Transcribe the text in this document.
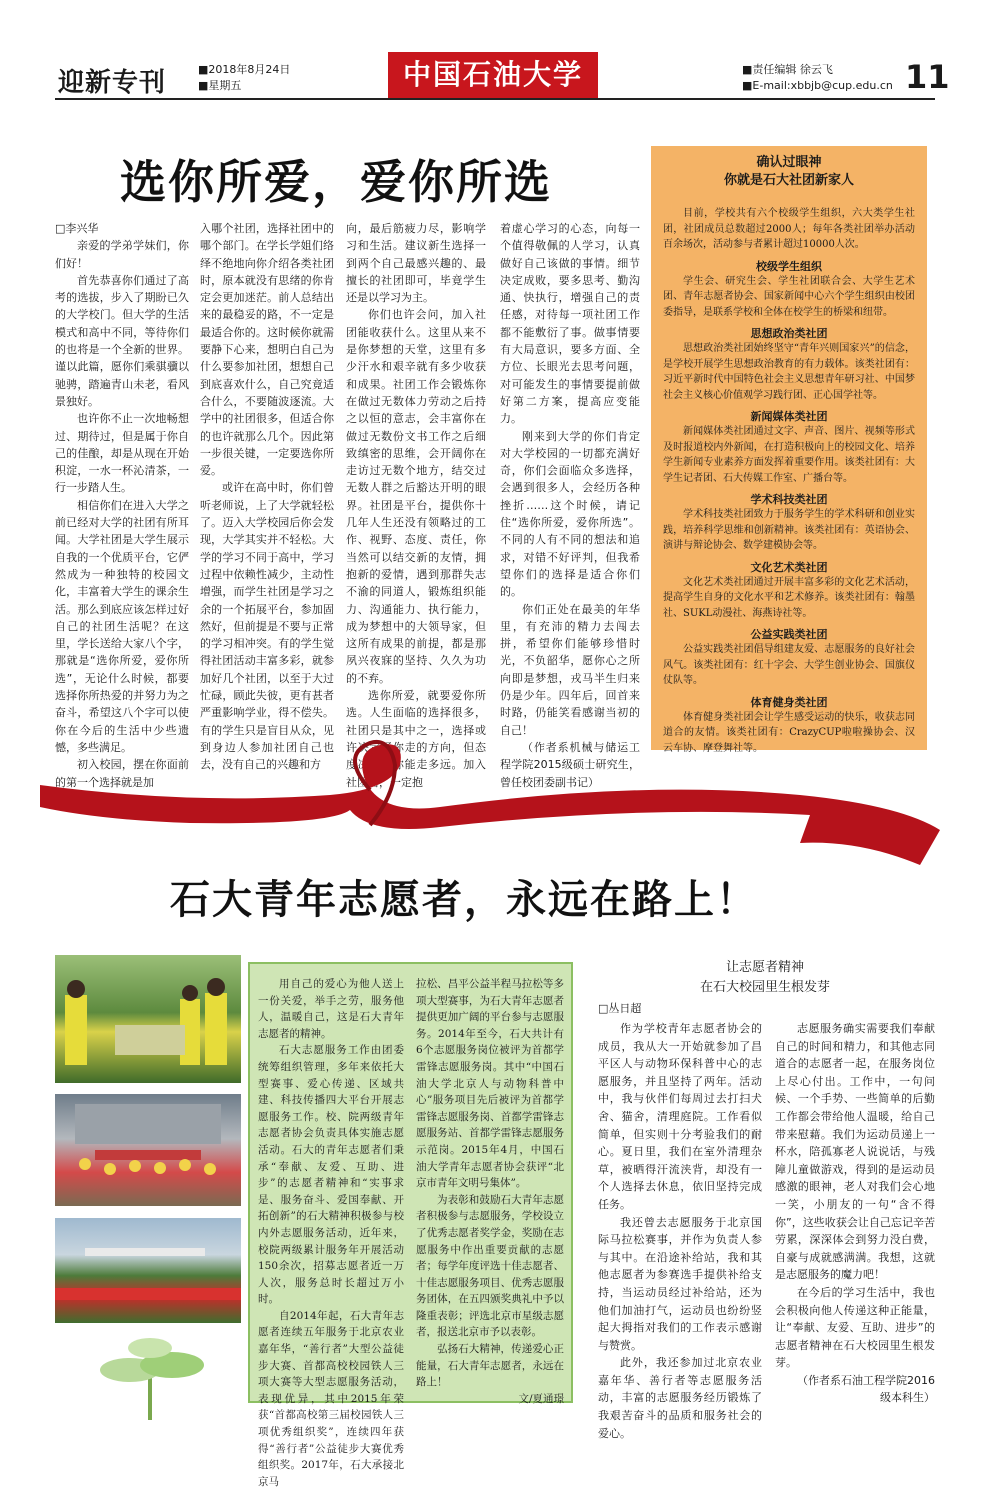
迎新专刊	■2018年8月24日
■星期五	中国石油大学	■责任编辑 徐云飞
■E-mail:xbbjb@cup.edu.cn 11
选你所爱，爱你所选
□李兴华

亲爱的学弟学妹们，你们好！

首先恭喜你们通过了高考的选拔，步入了期盼已久的大学校门。但大学的生活模式和高中不同，等待你们的也将是一个全新的世界。谨以此篇，愿你们乘骐骥以驰骋，踏遍青山未老，看风景独好。

也许你不止一次地畅想过、期待过，但是属于你自己的佳酿，却是从现在开始积淀，一水一杯沁清茶，一行一步踏人生。

相信你们在进入大学之前已经对大学的社团有所耳闻。大学社团是大学生展示自我的一个优质平台，它俨然成为一种独特的校园文化，丰富着大学生的课余生活。那么到底应该怎样过好自己的社团生活呢？在这里，学长送给大家八个字，那就是“选你所爱，爱你所选”，无论什么时候，都要选择你所热爱的并努力为之奋斗，希望这八个字可以使你在今后的生活中少些遗憾，多些满足。

初入校园，摆在你面前的第一个选择就是加

入哪个社团，选择社团中的哪个部门。在学长学姐们络绎不绝地向你介绍各类社团时，原本就没有思绪的你肯定会更加迷茫。前人总结出来的最稳妥的路，不一定是最适合你的。这时候你就需要静下心来，想明白自己为什么要参加社团，想想自己到底喜欢什么，自己究竟适合什么，不要随波逐流。大学中的社团很多，但适合你的也许就那么几个。因此第一步很关键，一定要选你所爱。

或许在高中时，你们曾听老师说，上了大学就轻松了。迈入大学校园后你会发现，大学其实并不轻松。大学的学习不同于高中，学习过程中依赖性减少，主动性增强，而学生社团是学习之余的一个拓展平台，参加固然好，但前提是不要与正常的学习相冲突。有的学生觉得社团活动丰富多彩，就参加好几个社团，以至于大过忙碌，顾此失彼，更有甚者严重影响学业，得不偿失。有的学生只是盲目从众，见到身边人参加社团自己也去，没有自己的兴趣和方

向，最后筋疲力尽，影响学习和生活。建议新生选择一到两个自己最感兴趣的、最擅长的社团即可，毕竟学生还是以学习为主。

你们也许会问，加入社团能收获什么。这里从来不是你梦想的天堂，这里有多少汗水和艰辛就有多少收获和成果。社团工作会锻炼你在做过无数体力劳动之后持之以恒的意志，会丰富你在做过无数份文书工作之后细致缜密的思维，会开阔你在走访过无数个地方，结交过无数人群之后豁达开明的眼界。社团是平台，提供你十几年人生还没有领略过的工作、视野、态度、责任，你当然可以结交新的友情，拥抱新的爱情，遇到那群失志不渝的同道人，锻炼组织能力、沟通能力、执行能力，成为梦想中的大领导家，但这所有成果的前提，都是那夙兴夜寐的坚持、久久为功的不弃。

选你所爱，就要爱你所选。人生面临的选择很多，社团只是其中之一，选择或许决定了你走的方向，但态度决定了你能走多远。加入社团后，一定抱

着虚心学习的心态，向每一个值得敬佩的人学习，认真做好自己该做的事情。细节决定成败，要多思考、勤沟通、快执行，增强自己的责任感，对待每一项社团工作都不能敷衍了事。做事情要有大局意识，要多方面、全方位、长眼光去思考问题，对可能发生的事情要提前做好第二方案，提高应变能力。

刚来到大学的你们肯定对大学校园的一切都充满好奇，你们会面临众多选择，会遇到很多人，会经历各种挫折……这个时候，请记住“选你所爱，爱你所选”。不同的人有不同的想法和追求，对错不好评判，但我希望你们的选择是适合你们的。

你们正处在最美的年华里，有充沛的精力去闯去拼，希望你们能够珍惜时光，不负韶华，愿你心之所向即是梦想，戎马半生归来仍是少年。四年后，回首来时路，仍能笑看感谢当初的自己！

（作者系机械与储运工程学院2015级硕士研究生，曾任校团委副书记）

确认过眼神
你就是石大社团新家人
目前，学校共有六个校级学生组织，六大类学生社团，社团成员总数超过2000人；每年各类社团举办活动百余场次，活动参与者累计超过10000人次。
校级学生组织
学生会、研究生会、学生社团联合会、大学生艺术团、青年志愿者协会、国家新闻中心六个学生组织由校团委指导，是联系学校和全体在校学生的桥梁和纽带。
思想政治类社团
思想政治类社团始终坚守“青年兴则国家兴”的信念，是学校开展学生思想政治教育的有力载体。该类社团有：习近平新时代中国特色社会主义思想青年研习社、中国梦社会主义核心价值观学习践行团、正心国学社等。
新闻媒体类社团
新闻媒体类社团通过文字、声音、图片、视频等形式及时报道校内外新闻，在打造积极向上的校园文化、培养学生新闻专业素养方面发挥着重要作用。该类社团有：大学生记者团、石大传媒工作室、广播台等。
学术科技类社团
学术科技类社团致力于服务学生的学术科研和创业实践，培养科学思维和创新精神。该类社团有：英语协会、演讲与辩论协会、数学建模协会等。
文化艺术类社团
文化艺术类社团通过开展丰富多彩的文化艺术活动，提高学生自身的文化水平和艺术修养。该类社团有：翰墨社、SUKL动漫社、海燕诗社等。
公益实践类社团
公益实践类社团倡导组建友爱、志愿服务的良好社会风气。该类社团有：红十字会、大学生创业协会、国旗仪仗队等。
体育健身类社团
体育健身类社团会让学生感受运动的快乐，收获志同道合的友情。该类社团有：CrazyCUP啦啦操协会、汉云车协、摩登舞社等。
石大青年志愿者，永远在路上！

用自己的爱心为他人送上一份关爱，举手之劳，服务他人，温暖自己，这是石大青年志愿者的精神。

石大志愿服务工作由团委统筹组织管理，多年来依托大型赛事、爱心传递、区域共建、科技传播四大平台开展志愿服务工作。校、院两级青年志愿者协会负责具体实施志愿活动。石大的青年志愿者们秉承“奉献、友爱、互助、进步”的志愿者精神和“实事求是、服务奋斗、爱国奉献、开拓创新”的石大精神积极参与校内外志愿服务活动，近年来，校院两级累计服务年开展活动150余次，招募志愿者近一万人次，服务总时长超过万小时。

自2014年起，石大青年志愿者连续五年服务于北京农业嘉年华，“善行者”大型公益徒步大赛、首都高校校园铁人三项大赛等大型志愿服务活动，表现优异，其中2015年荣获“首都高校第三届校园铁人三项优秀组织奖”，连续四年获得“善行者”公益徒步大赛优秀组织奖。2017年，石大承接北京马

拉松、昌平公益半程马拉松等多项大型赛事，为石大青年志愿者提供更加广阔的平台参与志愿服务。2014年至今，石大共计有6个志愿服务岗位被评为首都学雷锋志愿服务岗。其中“中国石油大学北京人与动物科普中心”服务项目先后被评为首都学雷锋志愿服务岗、首都学雷锋志愿服务站、首都学雷锋志愿服务示范岗。2015年4月，中国石油大学青年志愿者协会获评“北京市青年文明号集体”。

为表彰和鼓励石大青年志愿者积极参与志愿服务，学校设立了优秀志愿者奖学金，奖励在志愿服务中作出重要贡献的志愿者；每学年度评选十佳志愿者、十佳志愿服务项目、优秀志愿服务团体，在五四颁奖典礼中予以隆重表彰；评选北京市星级志愿者，报送北京市予以表彰。

弘扬石大精神，传递爱心正能量，石大青年志愿者，永远在路上！

文/夏通璟

让志愿者精神
在石大校园里生根发芽
□丛日超

作为学校青年志愿者协会的成员，我从大一开始就参加了昌平区人与动物环保科普中心的志愿服务，并且坚持了两年。活动中，我与伙伴们每周过去打扫犬舍、猫舍，清理庭院。工作看似简单，但实则十分考验我们的耐心。夏日里，我们在室外清理杂草，被晒得汗流浃背，却没有一个人选择去休息，依旧坚持完成任务。

我还曾去志愿服务于北京国际马拉松赛事，并作为负责人参与其中。在沿途补给站，我和其他志愿者为参赛选手提供补给支持，当运动员经过补给站，还为他们加油打气，运动员也纷纷竖起大拇指对我们的工作表示感谢与赞赏。

此外，我还参加过北京农业嘉年华、善行者等志愿服务活动，丰富的志愿服务经历锻炼了我艰苦奋斗的品质和服务社会的爱心。

志愿服务确实需要我们奉献自己的时间和精力，和其他志同道合的志愿者一起，在服务岗位上尽心付出。工作中，一句问候、一个手势、一些简单的后勤工作都会带给他人温暖，给自己带来慰藉。我们为运动员递上一杯水，陪孤寡老人说说话，与残障儿童做游戏，得到的是运动员感激的眼神，老人对我们会心地一笑，小朋友的一句“含不得你”，这些收获会让自己忘记辛苦劳累，深深体会到努力没白费，自豪与成就感满满。我想，这就是志愿服务的魔力吧！

在今后的学习生活中，我也会积极向他人传递这种正能量，让“奉献、友爱、互助、进步”的志愿者精神在石大校园里生根发芽。

（作者系石油工程学院2016级本科生）
